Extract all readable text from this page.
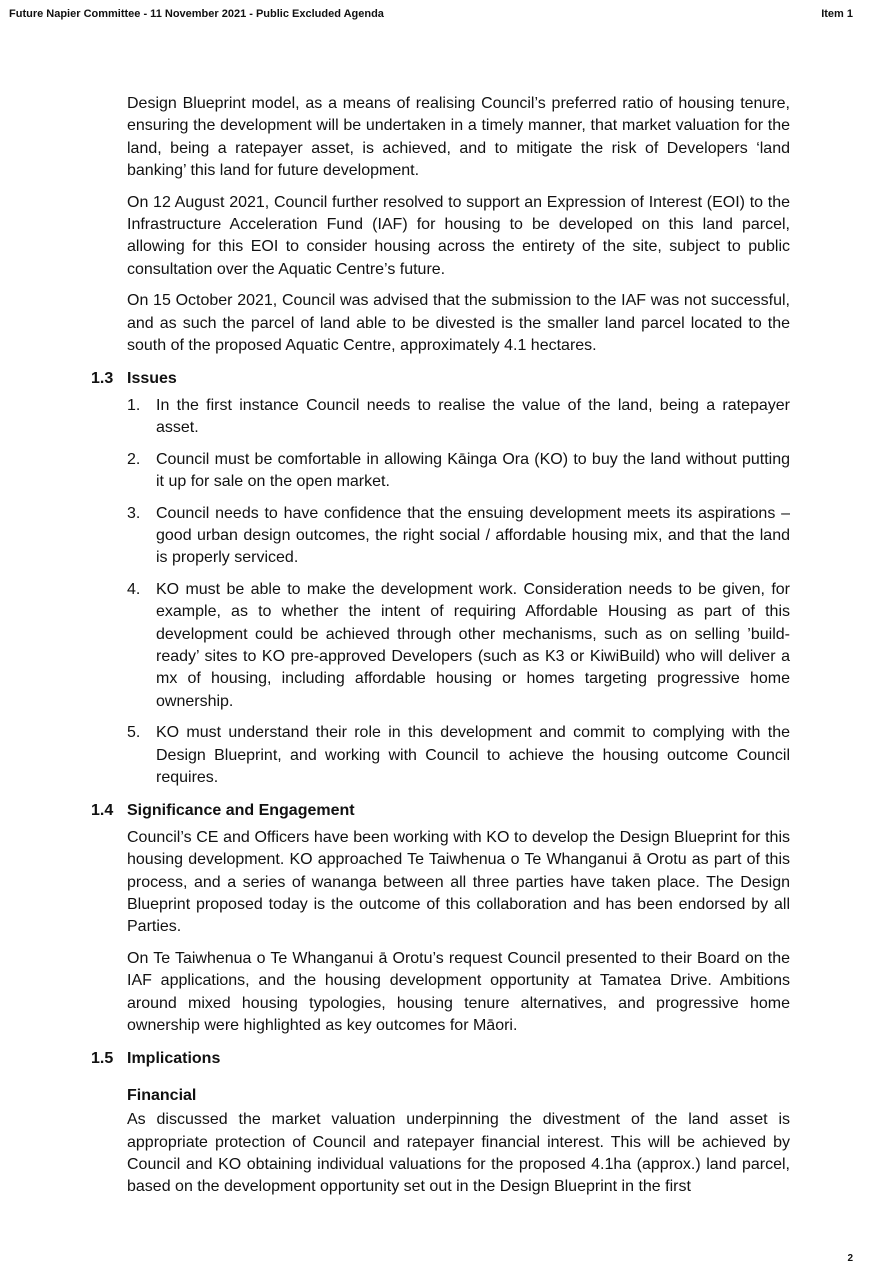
Future Napier Committee - 11 November 2021 - Public Excluded Agenda	Item 1

Design Blueprint model, as a means of realising Council’s preferred ratio of housing tenure, ensuring the development will be undertaken in a timely manner, that market valuation for the land, being a ratepayer asset, is achieved, and to mitigate the risk of Developers ‘land banking’ this land for future development.

On 12 August 2021, Council further resolved to support an Expression of Interest (EOI) to the Infrastructure Acceleration Fund (IAF) for housing to be developed on this land parcel, allowing for this EOI to consider housing across the entirety of the site, subject to public consultation over the Aquatic Centre’s future.

On 15 October 2021, Council was advised that the submission to the IAF was not successful, and as such the parcel of land able to be divested is the smaller land parcel located to the south of the proposed Aquatic Centre, approximately 4.1 hectares.

1.3 Issues
1. In the first instance Council needs to realise the value of the land, being a ratepayer asset.
2. Council must be comfortable in allowing Kāinga Ora (KO) to buy the land without putting it up for sale on the open market.
3. Council needs to have confidence that the ensuing development meets its aspirations – good urban design outcomes, the right social / affordable housing mix, and that the land is properly serviced.
4. KO must be able to make the development work. Consideration needs to be given, for example, as to whether the intent of requiring Affordable Housing as part of this development could be achieved through other mechanisms, such as on selling ’build-ready’ sites to KO pre-approved Developers (such as K3 or KiwiBuild) who will deliver a mx of housing, including affordable housing or homes targeting progressive home ownership.
5. KO must understand their role in this development and commit to complying with the Design Blueprint, and working with Council to achieve the housing outcome Council requires.
1.4 Significance and Engagement

Council’s CE and Officers have been working with KO to develop the Design Blueprint for this housing development. KO approached Te Taiwhenua o Te Whanganui ā Orotu as part of this process, and a series of wananga between all three parties have taken place. The Design Blueprint proposed today is the outcome of this collaboration and has been endorsed by all Parties.

On Te Taiwhenua o Te Whanganui ā Orotu’s request Council presented to their Board on the IAF applications, and the housing development opportunity at Tamatea Drive. Ambitions around mixed housing typologies, housing tenure alternatives, and progressive home ownership were highlighted as key outcomes for Māori.

1.5 Implications
Financial

As discussed the market valuation underpinning the divestment of the land asset is appropriate protection of Council and ratepayer financial interest. This will be achieved by Council and KO obtaining individual valuations for the proposed 4.1ha (approx.) land parcel, based on the development opportunity set out in the Design Blueprint in the first

2
